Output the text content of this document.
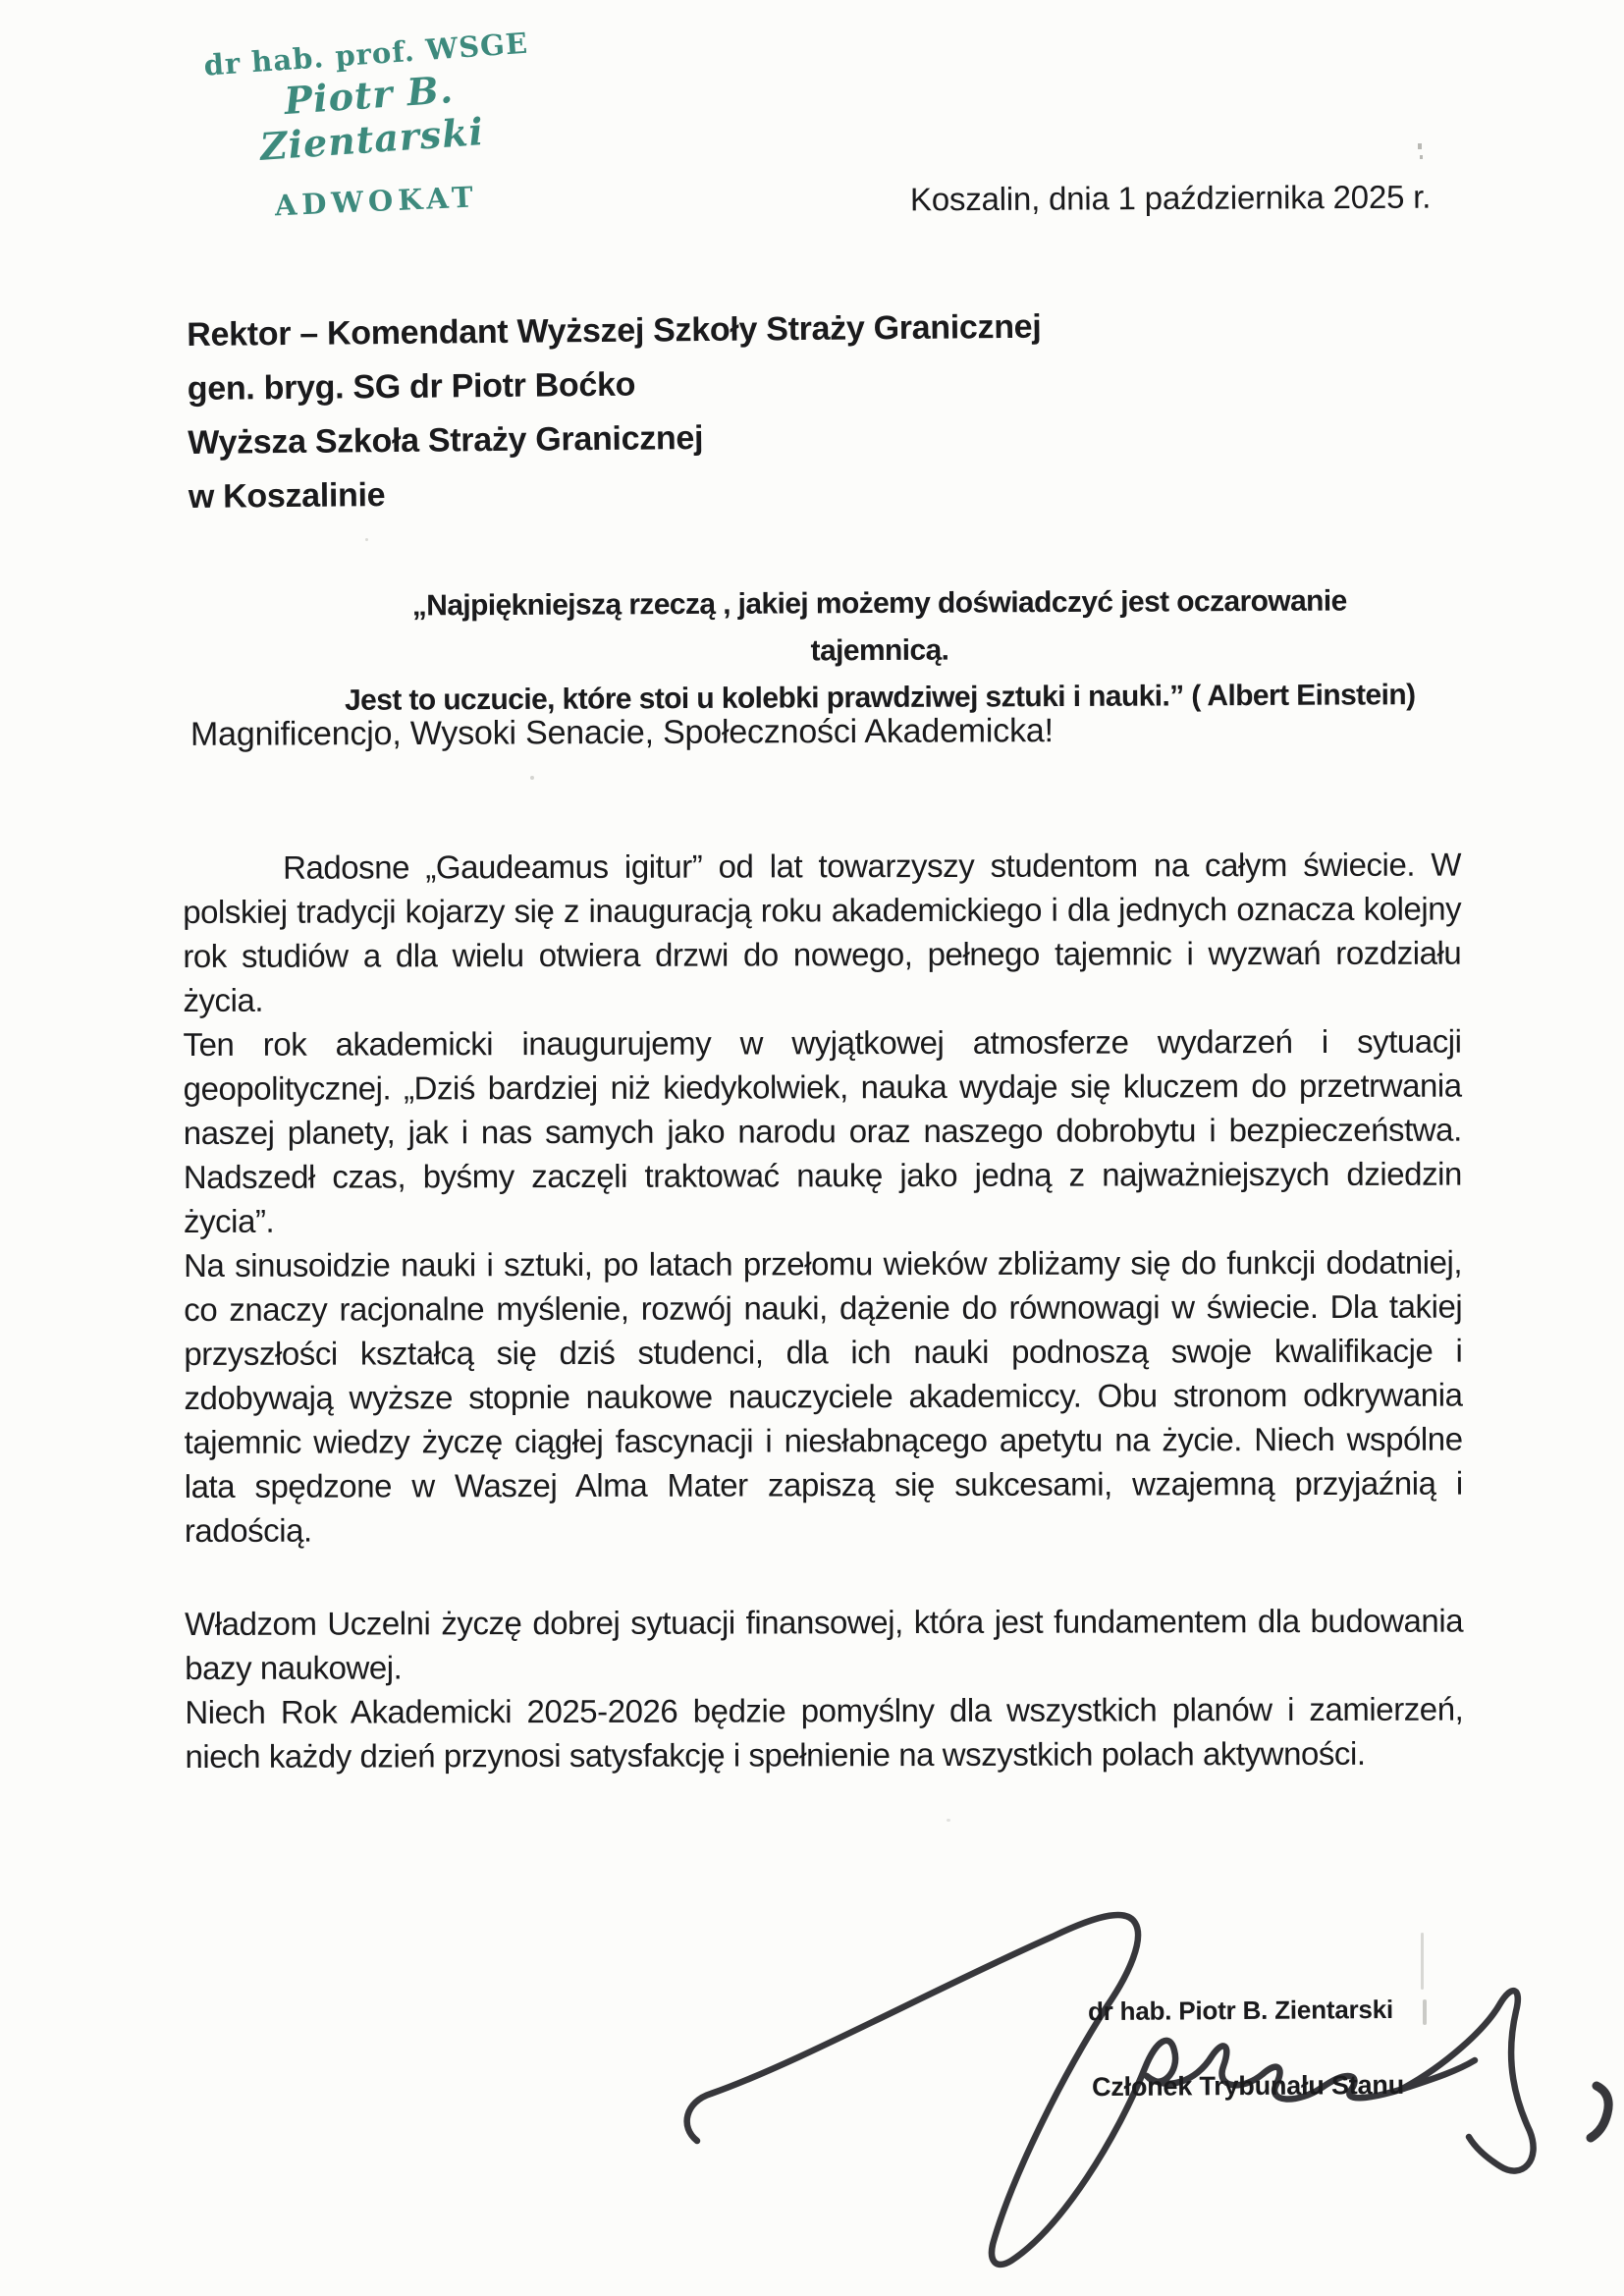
dr hab. prof. WSGE
Piotr B. Zientarski
ADWOKAT	Koszalin, dnia 1 października 2025 r.
Rektor – Komendant Wyższej Szkoły Straży Granicznej
gen. bryg. SG dr Piotr Boćko
Wyższa Szkoła Straży Granicznej
w Koszalinie
„Najpiękniejszą rzeczą , jakiej możemy doświadczyć jest oczarowanie tajemnicą.
Jest to uczucie, które stoi u kolebki prawdziwej sztuki i nauki.” ( Albert Einstein)
Magnificencjo, Wysoki Senacie, Społeczności Akademicka!

Radosne „Gaudeamus igitur” od lat towarzyszy studentom na całym świecie. W polskiej tradycji kojarzy się z inauguracją roku akademickiego i dla jednych oznacza kolejny rok studiów a dla wielu otwiera drzwi do nowego, pełnego tajemnic i wyzwań rozdziału życia.

Ten rok akademicki inaugurujemy w wyjątkowej atmosferze wydarzeń i sytuacji geopolitycznej. „Dziś bardziej niż kiedykolwiek, nauka wydaje się kluczem do przetrwania naszej planety, jak i nas samych jako narodu oraz naszego dobrobytu i bezpieczeństwa. Nadszedł czas, byśmy zaczęli traktować naukę jako jedną z najważniejszych dziedzin życia”.

Na sinusoidzie nauki i sztuki, po latach przełomu wieków zbliżamy się do funkcji dodatniej, co znaczy racjonalne myślenie, rozwój nauki, dążenie do równowagi w świecie. Dla takiej przyszłości kształcą się dziś studenci, dla ich nauki podnoszą swoje kwalifikacje i zdobywają wyższe stopnie naukowe nauczyciele akademiccy. Obu stronom odkrywania tajemnic wiedzy życzę ciągłej fascynacji i niesłabnącego apetytu na życie. Niech wspólne lata spędzone w Waszej Alma Mater zapiszą się sukcesami, wzajemną przyjaźnią i radością.

Władzom Uczelni życzę dobrej sytuacji finansowej, która jest fundamentem dla budowania bazy naukowej.

Niech Rok Akademicki 2025-2026 będzie pomyślny dla wszystkich planów i zamierzeń, niech każdy dzień przynosi satysfakcję i spełnienie na wszystkich polach aktywności.

dr hab. Piotr B. Zientarski
Członek Trybunału Stanu
